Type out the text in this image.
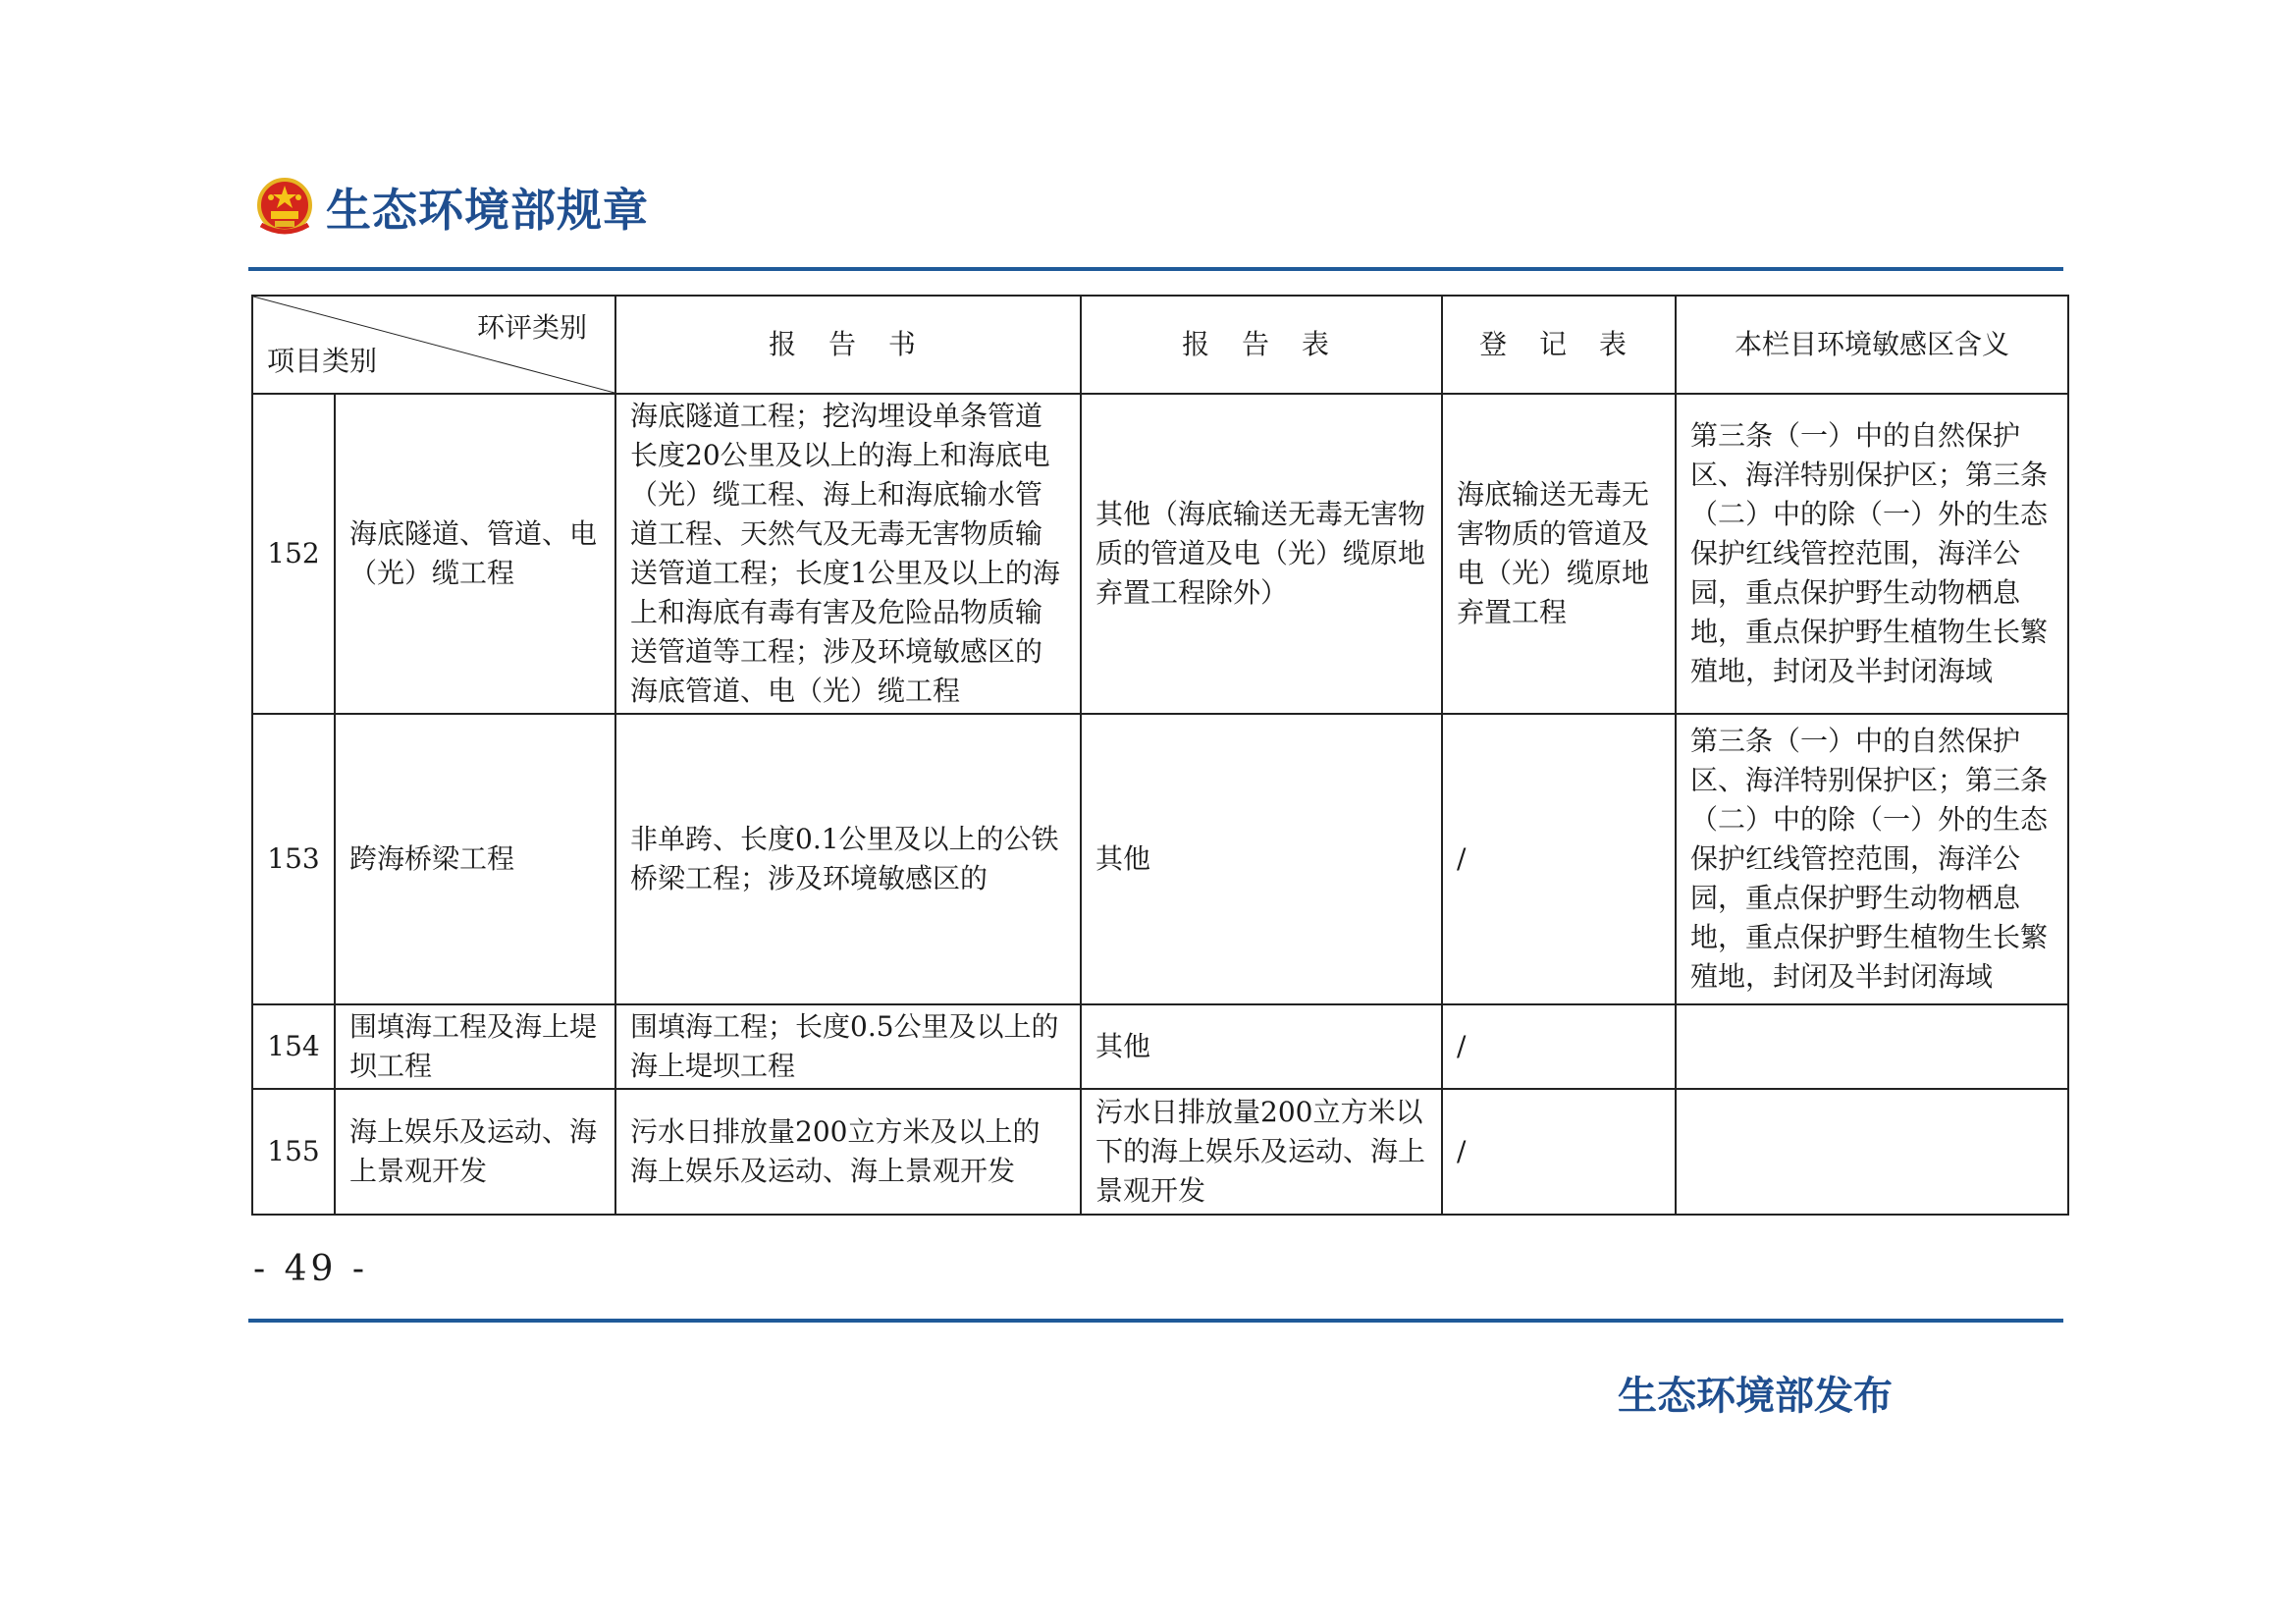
生态环境部规章
环评类别
项目类别		报 告 书	报 告 表	登 记 表	本栏目环境敏感区含义
152	海底隧道、管道、电（光）缆工程	海底隧道工程；挖沟埋设单条管道长度20公里及以上的海上和海底电（光）缆工程、海上和海底输水管道工程、天然气及无毒无害物质输送管道工程；长度1公里及以上的海上和海底有毒有害及危险品物质输送管道等工程；涉及环境敏感区的海底管道、电（光）缆工程	其他（海底输送无毒无害物质的管道及电（光）缆原地弃置工程除外）	海底输送无毒无害物质的管道及电（光）缆原地弃置工程	第三条（一）中的自然保护区、海洋特别保护区；第三条（二）中的除（一）外的生态保护红线管控范围，海洋公园，重点保护野生动物栖息地，重点保护野生植物生长繁殖地，封闭及半封闭海域
153	跨海桥梁工程	非单跨、长度0.1公里及以上的公铁桥梁工程；涉及环境敏感区的	其他	/	第三条（一）中的自然保护区、海洋特别保护区；第三条（二）中的除（一）外的生态保护红线管控范围，海洋公园，重点保护野生动物栖息地，重点保护野生植物生长繁殖地，封闭及半封闭海域
154	围填海工程及海上堤坝工程	围填海工程；长度0.5公里及以上的海上堤坝工程	其他	/	
155	海上娱乐及运动、海上景观开发	污水日排放量200立方米及以上的海上娱乐及运动、海上景观开发	污水日排放量200立方米以下的海上娱乐及运动、海上景观开发	/	
- 49 -
生态环境部发布
